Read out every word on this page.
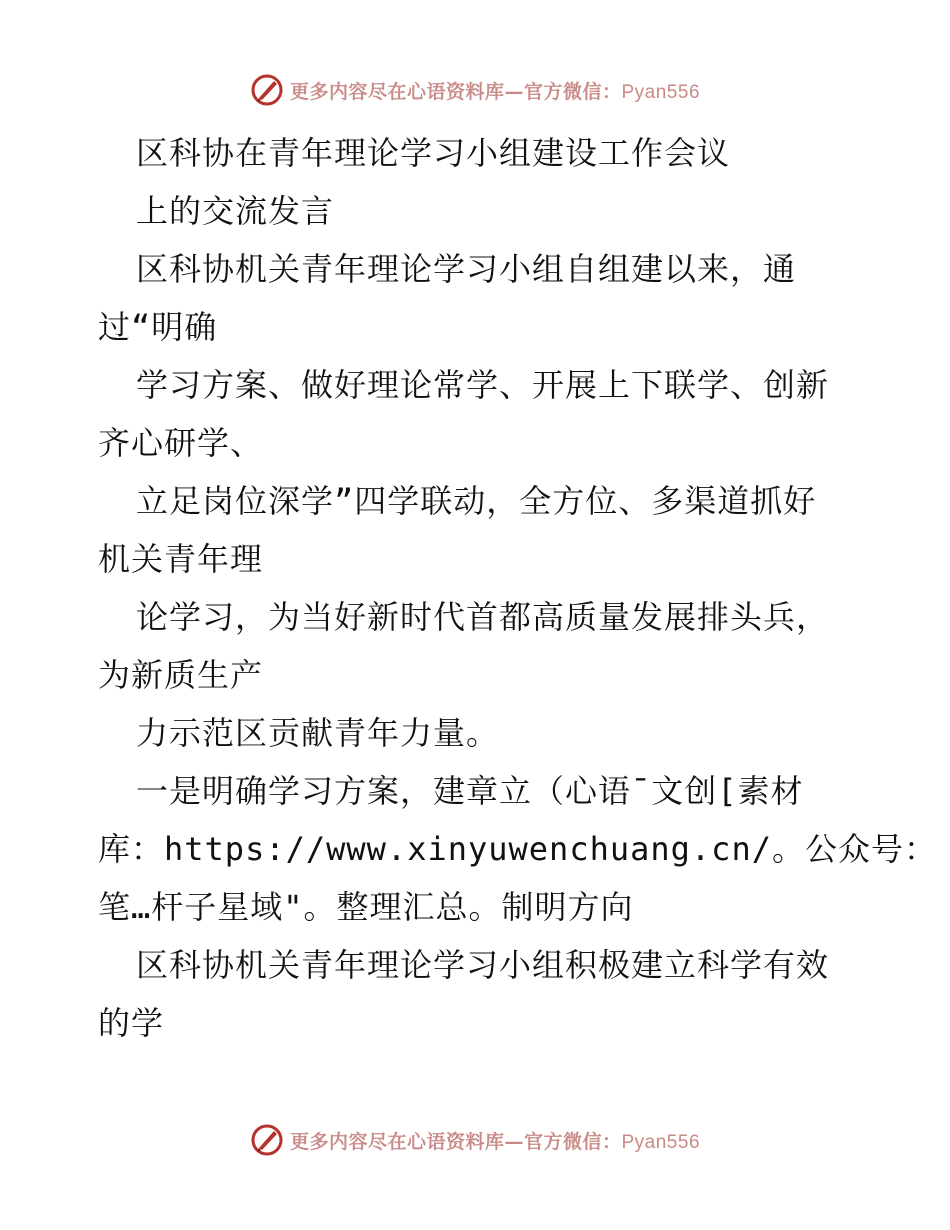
更多内容尽在心语资料库—官方微信：Pyan556
区科协在青年理论学习小组建设工作会议
上的交流发言
区科协机关青年理论学习小组自组建以来，通
过“明确
学习方案、做好理论常学、开展上下联学、创新
齐心研学、
立足岗位深学”四学联动，全方位、多渠道抓好
机关青年理
论学习，为当好新时代首都高质量发展排头兵，
为新质生产
力示范区贡献青年力量。
一是明确学习方案，建章立（心语¯文创[素材
库：https://www.xinyuwenchuang.cn/。公众号：
笔…杆子星域"。整理汇总。制明方向
区科协机关青年理论学习小组积极建立科学有效
的学
更多内容尽在心语资料库—官方微信：Pyan556
